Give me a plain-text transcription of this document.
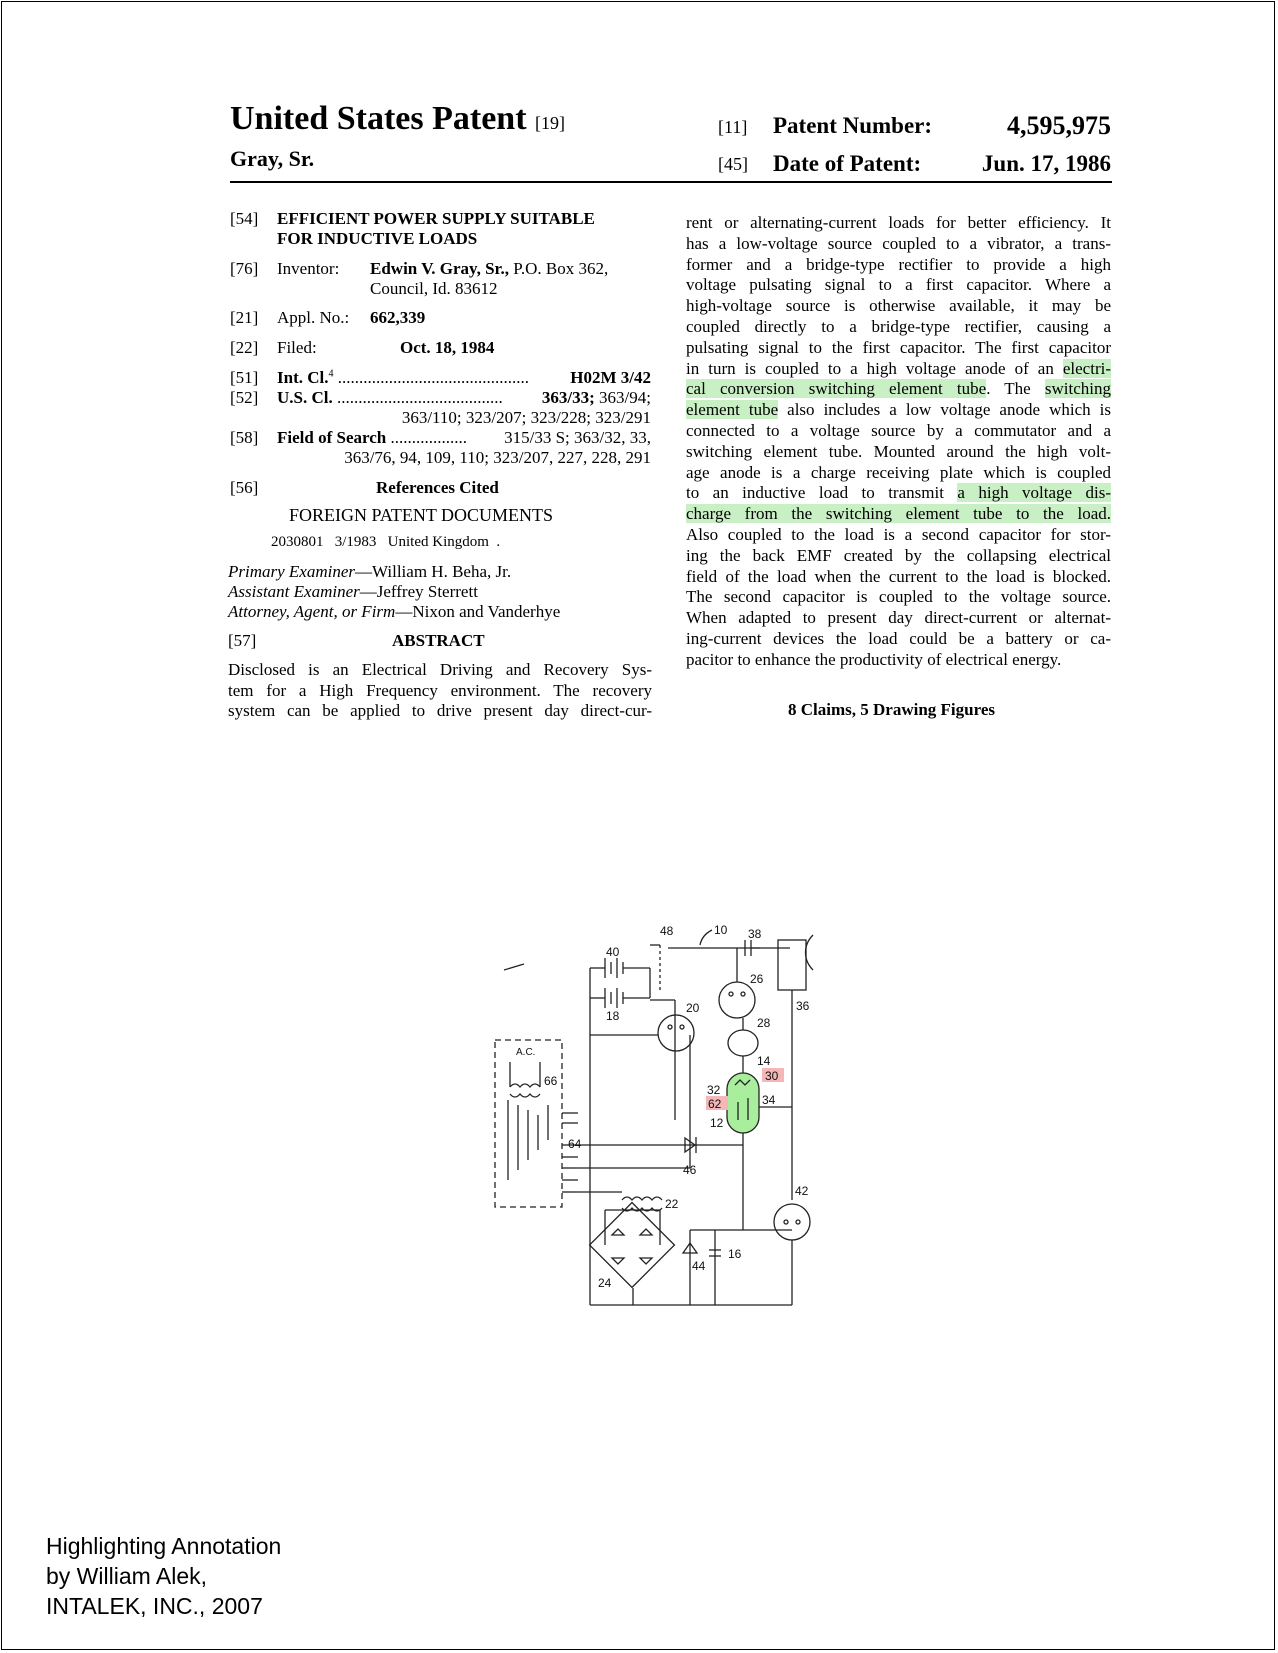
United States Patent [19]
Gray, Sr.
[11] Patent Number:	4,595,975
[45] Date of Patent:	Jun. 17, 1986
[54] EFFICIENT POWER SUPPLY SUITABLE
FOR INDUCTIVE LOADS
[76] Inventor: Edwin V. Gray, Sr., P.O. Box 362,
Council, Id. 83612
[21] Appl. No.: 662,339
[22] Filed:	Oct. 18, 1984
[51] Int. Cl.$^4$ ............................................. H02M 3/42
[52] U.S. Cl. ....................................... 363/33; 363/94;
363/110; 323/207; 323/228; 323/291
[58] Field of Search .................. 315/33 S; 363/32, 33,
363/76, 94, 109, 110; 323/207, 227, 228, 291
[56]	References Cited
FOREIGN PATENT DOCUMENTS
2030801   3/1983   United Kingdom  .
Primary Examiner—William H. Beha, Jr.
Assistant Examiner—Jeffrey Sterrett
Attorney, Agent, or Firm—Nixon and Vanderhye
[57]	ABSTRACT
Disclosed is an Electrical Driving and Recovery Sys-
tem for a High Frequency environment. The recovery
system can be applied to drive present day direct-cur-
rent or alternating-current loads for better efficiency. It
has a low-voltage source coupled to a vibrator, a trans-
former and a bridge-type rectifier to provide a high
voltage pulsating signal to a first capacitor. Where a
high-voltage source is otherwise available, it may be
coupled directly to a bridge-type rectifier, causing a
pulsating signal to the first capacitor. The first capacitor
in turn is coupled to a high voltage anode of an electri-
cal conversion switching element tube. The switching
element tube also includes a low voltage anode which is
connected to a voltage source by a commutator and a
switching element tube. Mounted around the high volt-
age anode is a charge receiving plate which is coupled
to an inductive load to transmit a high voltage dis-
charge from the switching element tube to the load.
Also coupled to the load is a second capacitor for stor-
ing the back EMF created by the collapsing electrical
field of the load when the current to the load is blocked.
The second capacitor is coupled to the voltage source.
When adapted to present day direct-current or alternat-
ing-current devices the load could be a battery or ca-
pacitor to enhance the productivity of electrical energy.
8 Claims, 5 Drawing Figures
10
12
14
16
18
20
22
24
26
28
30
32
34
36
38
40
42
44
46
48
62
64
66
A.C.
Highlighting Annotation
by William Alek,
INTALEK, INC., 2007
